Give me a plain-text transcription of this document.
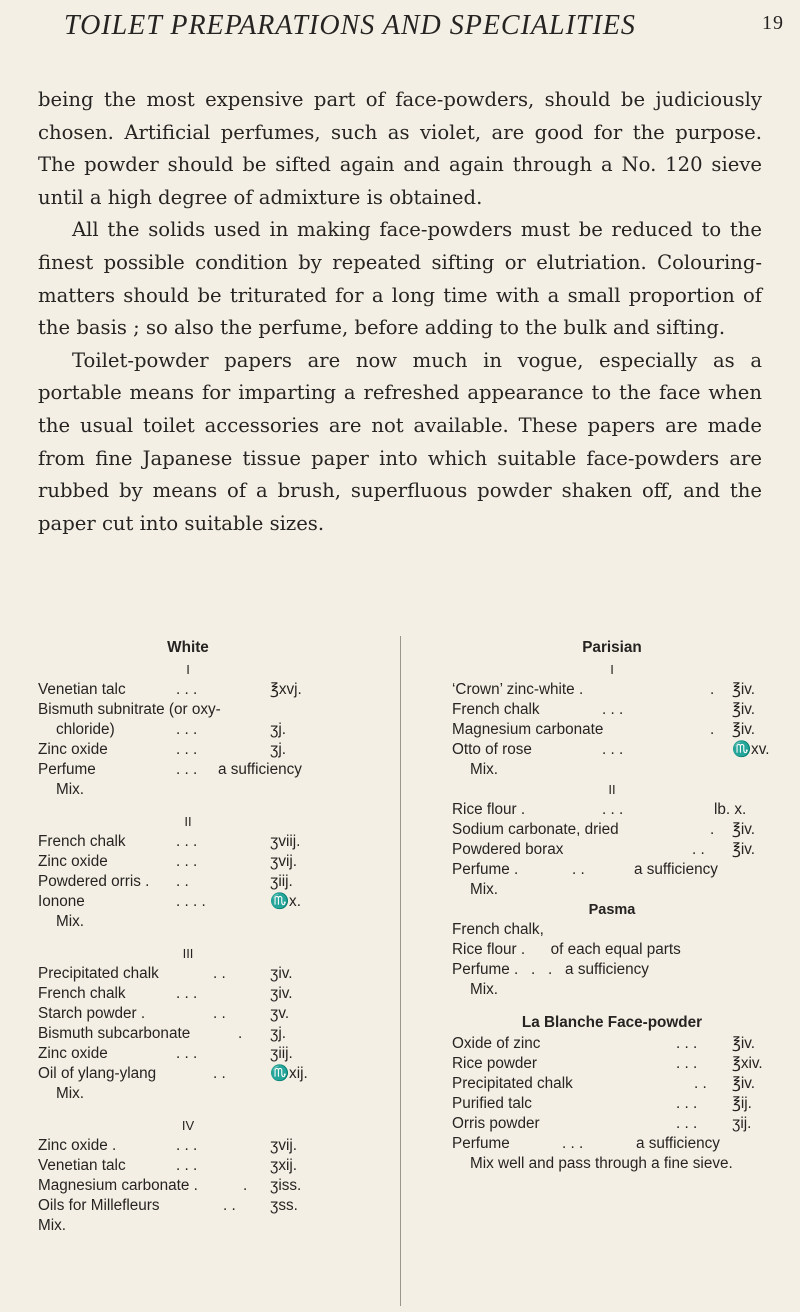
TOILET PREPARATIONS AND SPECIALITIES	19

being the most expensive part of face-powders, should be judiciously chosen. Artificial perfumes, such as violet, are good for the purpose. The powder should be sifted again and again through a No. 120 sieve until a high degree of admixture is obtained.

All the solids used in making face-powders must be reduced to the finest possible condition by repeated sifting or elutriation. Colouring-matters should be triturated for a long time with a small proportion of the basis ; so also the perfume, before adding to the bulk and sifting.

Toilet-powder papers are now much in vogue, especially as a portable means for imparting a refreshed appearance to the face when the usual toilet accessories are not available. These papers are made from fine Japanese tissue paper into which suitable face-powders are rubbed by means of a brush, superfluous powder shaken off, and the paper cut into suitable sizes.

White
I
Venetian talc	. . .	℥xvj.
Bismuth subnitrate (or oxy-
chloride)	. . .	ʒj.
Zinc oxide	. . .	ʒj.
Perfume	. . . a sufficiency
Mix.
II
French chalk	. . .	ʒviij.
Zinc oxide	. . .	ʒvij.
Powdered orris . . .	ʒiij.
Ionone	. . . .	♏x.
Mix.
III
Precipitated chalk	. .	ʒiv.
French chalk	. . .	ʒiv.
Starch powder .	. .	ʒv.
Bismuth subcarbonate	. ʒj.
Zinc oxide	. . .	ʒiij.
Oil of ylang-ylang	. .	♏xij.
Mix.
IV
Zinc oxide .	. . .	ʒvij.
Venetian talc	. . .	ʒxij.
Magnesium carbonate .	. ʒiss.
Oils for Millefleurs	. . ʒss.
Mix.
Parisian
I
‘Crown’ zinc-white .	. ℥iv.
French chalk	. . .	℥iv.
Magnesium carbonate	. ℥iv.
Otto of rose	. . .	♏xv.
Mix.
II
Rice flour .	. . .	lb. x.
Sodium carbonate, dried	. ℥iv.
Powdered borax	. . ℥iv.
Perfume .	. .	a sufficiency
Mix.
Pasma
French chalk,
Rice flour .      of each equal parts
Perfume .   .   .   a sufficiency
Mix.
La Blanche Face-powder
Oxide of zinc	. . . ℥iv.
Rice powder	. . . ℥xiv.
Precipitated chalk	. . ℥iv.
Purified talc	. . . ℥ij.
Orris powder	. . . ʒij.
Perfume	. . .	a sufficiency
Mix well and pass through a fine sieve.
